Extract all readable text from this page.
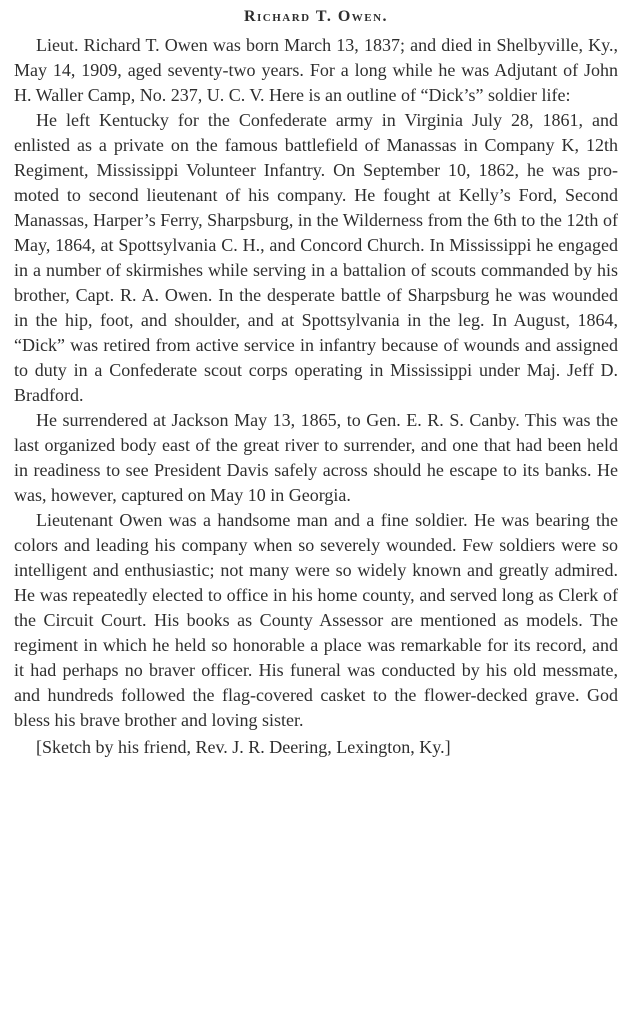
Richard T. Owen.

Lieut. Richard T. Owen was born March 13, 1837; and died in Shelbyville, Ky., May 14, 1909, aged seventy-two years. For a long while he was Adjutant of John H. Waller Camp, No. 237, U. C. V. Here is an outline of “Dick’s” soldier life:

He left Kentucky for the Confederate army in Virginia July 28, 1861, and enlisted as a private on the famous battlefield of Manassas in Company K, 12th Regiment, Mississippi Volunteer Infantry. On September 10, 1862, he was promoted to second lieutenant of his company. He fought at Kelly’s Ford, Second Manassas, Harper’s Ferry, Sharpsburg, in the Wilderness from the 6th to the 12th of May, 1864, at Spottsylvania C. H., and Concord Church. In Mississippi he engaged in a number of skirmishes while serving in a battalion of scouts commanded by his brother, Capt. R. A. Owen. In the desperate battle of Sharpsburg he was wounded in the hip, foot, and shoulder, and at Spottsylvania in the leg. In August, 1864, “Dick” was retired from active service in infantry because of wounds and assigned to duty in a Confederate scout corps operating in Mississippi under Maj. Jeff D. Bradford.

He surrendered at Jackson May 13, 1865, to Gen. E. R. S. Canby. This was the last organized body east of the great river to surrender, and one that had been held in readiness to see President Davis safely across should he escape to its banks. He was, however, captured on May 10 in Georgia.

Lieutenant Owen was a handsome man and a fine soldier. He was bearing the colors and leading his company when so severely wounded. Few soldiers were so intelligent and enthusiastic; not many were so widely known and greatly admired. He was repeatedly elected to office in his home county, and served long as Clerk of the Circuit Court. His books as County Assessor are mentioned as models. The regiment in which he held so honorable a place was remarkable for its record, and it had perhaps no braver officer. His funeral was conducted by his old messmate, and hundreds followed the flag-covered casket to the flower-decked grave. God bless his brave brother and loving sister.

[Sketch by his friend, Rev. J. R. Deering, Lexington, Ky.]
